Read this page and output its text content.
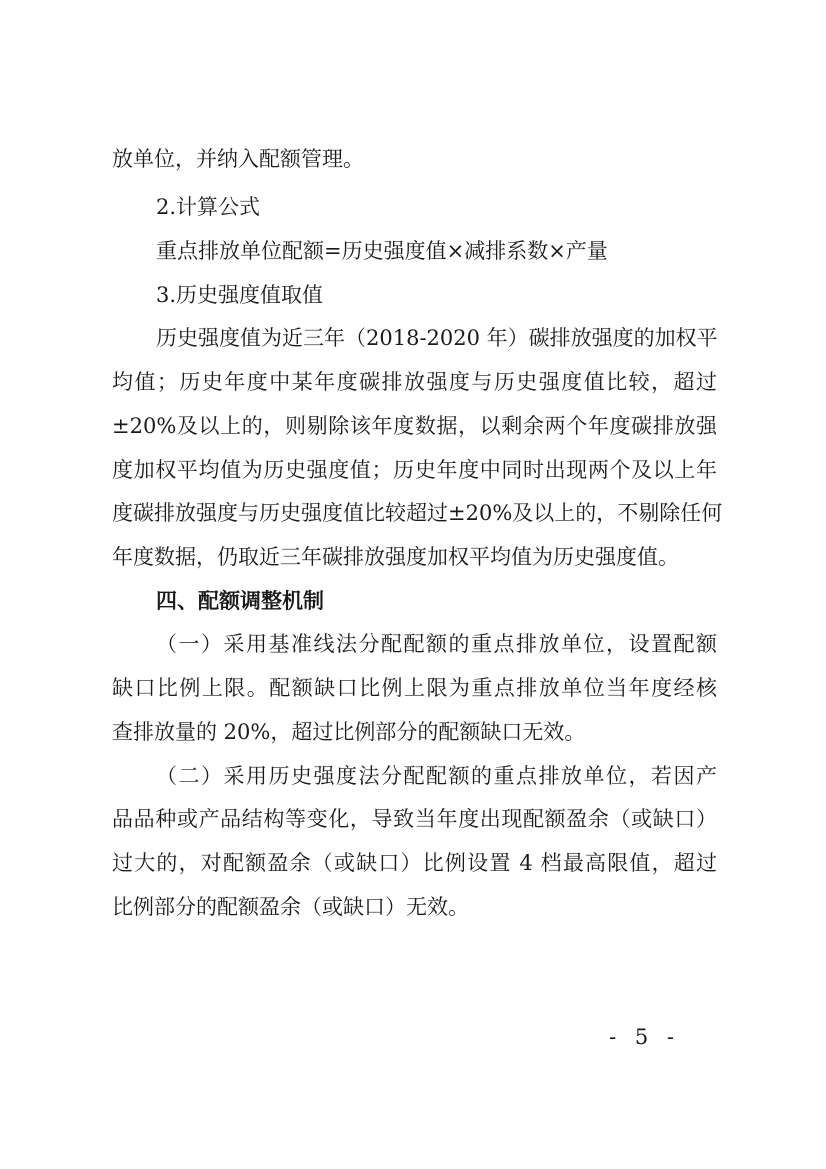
放单位，并纳入配额管理。
2.计算公式
重点排放单位配额=历史强度值×减排系数×产量
3.历史强度值取值
历史强度值为近三年（2018-2020 年）碳排放强度的加权平
均值；历史年度中某年度碳排放强度与历史强度值比较，超过
±20%及以上的，则剔除该年度数据，以剩余两个年度碳排放强
度加权平均值为历史强度值；历史年度中同时出现两个及以上年
度碳排放强度与历史强度值比较超过±20%及以上的，不剔除任何
年度数据，仍取近三年碳排放强度加权平均值为历史强度值。
四、配额调整机制
（一）采用基准线法分配配额的重点排放单位，设置配额
缺口比例上限。配额缺口比例上限为重点排放单位当年度经核
查排放量的 20%，超过比例部分的配额缺口无效。
（二）采用历史强度法分配配额的重点排放单位，若因产
品品种或产品结构等变化，导致当年度出现配额盈余（或缺口）
过大的，对配额盈余（或缺口）比例设置 4 档最高限值，超过
比例部分的配额盈余（或缺口）无效。
- 5 -
